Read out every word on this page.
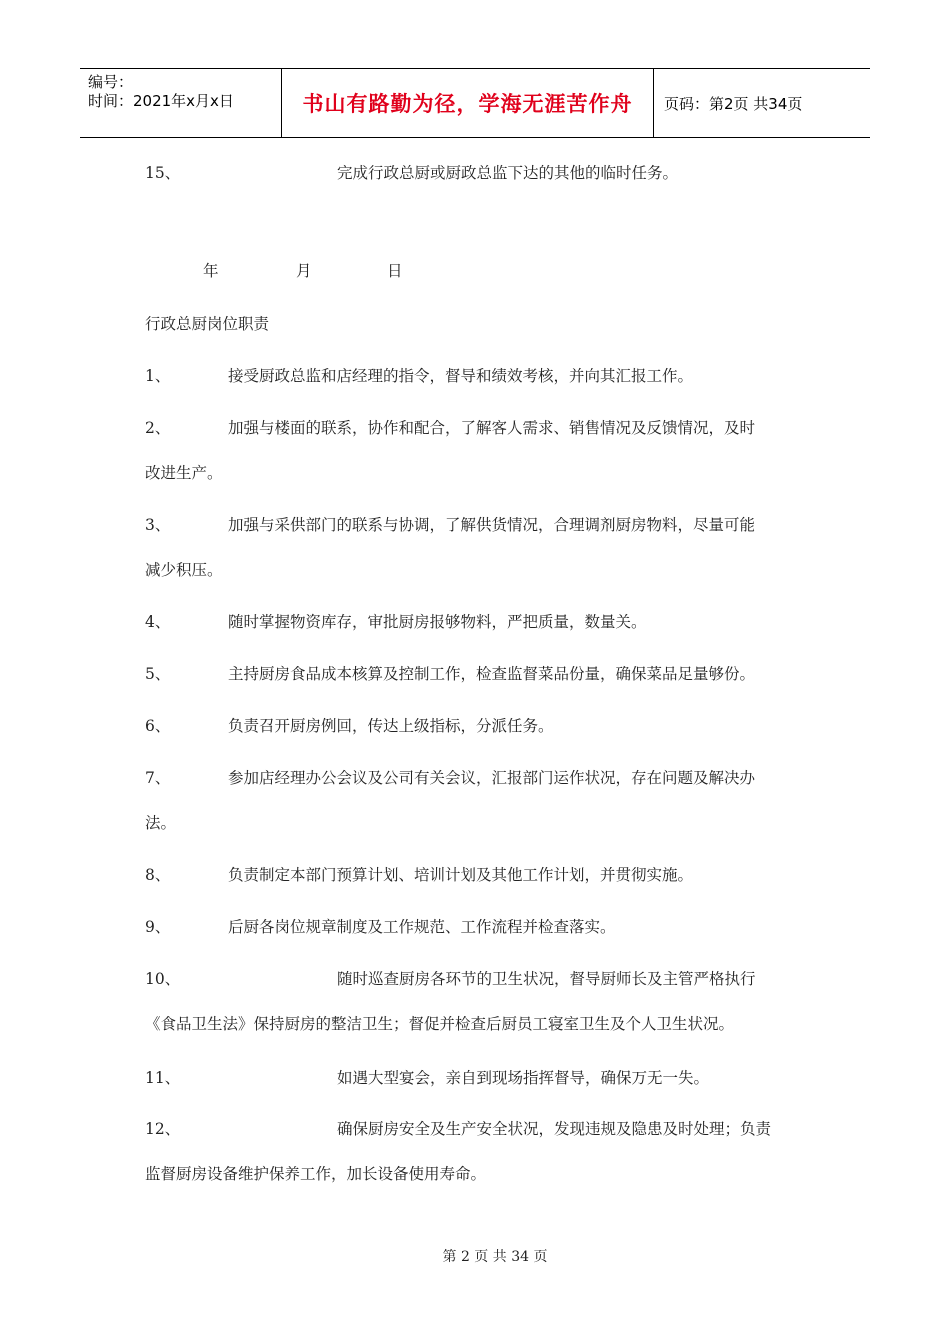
编号：
时间：2021年x月x日	书山有路勤为径，学海无涯苦作舟	页码：第2页 共34页
15、	完成行政总厨或厨政总监下达的其他的临时任务。
年	月	日
行政总厨岗位职责
1、	接受厨政总监和店经理的指令，督导和绩效考核，并向其汇报工作。
2、	加强与楼面的联系，协作和配合，了解客人需求、销售情况及反馈情况，及时
改进生产。
3、	加强与采供部门的联系与协调，了解供货情况，合理调剂厨房物料，尽量可能
减少积压。
4、	随时掌握物资库存，审批厨房报够物料，严把质量，数量关。
5、	主持厨房食品成本核算及控制工作，检查监督菜品份量，确保菜品足量够份。
6、	负责召开厨房例回，传达上级指标，分派任务。
7、	参加店经理办公会议及公司有关会议，汇报部门运作状况，存在问题及解决办
法。
8、	负责制定本部门预算计划、培训计划及其他工作计划，并贯彻实施。
9、	后厨各岗位规章制度及工作规范、工作流程并检查落实。
10、	随时巡查厨房各环节的卫生状况，督导厨师长及主管严格执行
《食品卫生法》保持厨房的整洁卫生；督促并检查后厨员工寝室卫生及个人卫生状况。
11、	如遇大型宴会，亲自到现场指挥督导，确保万无一失。
12、	确保厨房安全及生产安全状况，发现违规及隐患及时处理；负责
监督厨房设备维护保养工作，加长设备使用寿命。
第 2 页 共 34 页
